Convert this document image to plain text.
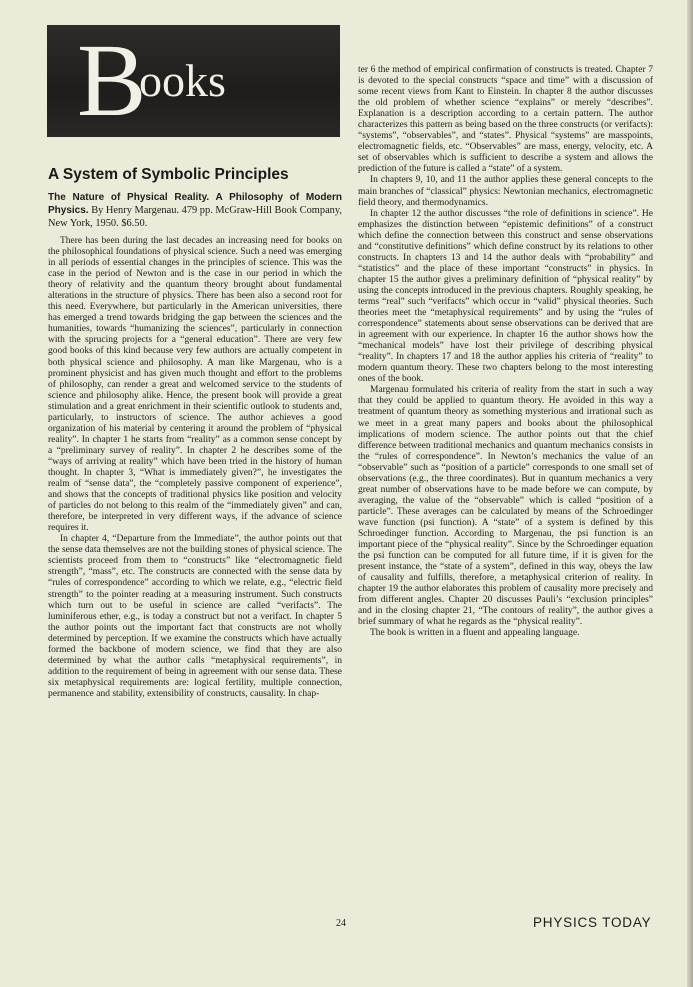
B
ooks
A System of Symbolic Principles

The Nature of Physical Reality. A Philosophy of Modern Physics. By Henry Margenau. 479 pp. McGraw-Hill Book Company, New York, 1950. $6.50.

There has been during the last decades an increasing need for books on the philosophical foundations of physical science. Such a need was emerging in all periods of essential changes in the principles of science. This was the case in the period of Newton and is the case in our period in which the theory of relativity and the quantum theory brought about fundamental alterations in the structure of physics. There has been also a second root for this need. Everywhere, but particularly in the American universities, there has emerged a trend towards bridging the gap between the sciences and the humanities, towards “humanizing the sciences”, particularly in connection with the sprucing projects for a “general education”. There are very few good books of this kind because very few authors are actually competent in both physical science and philosophy. A man like Margenau, who is a prominent physicist and has given much thought and effort to the problems of philosophy, can render a great and welcomed service to the students of science and philosophy alike. Hence, the present book will provide a great stimulation and a great enrichment in their scientific outlook to students and, particularly, to instructors of science. The author achieves a good organization of his material by centering it around the problem of “physical reality”. In chapter 1 he starts from “reality” as a common sense concept by a “preliminary survey of reality”. In chapter 2 he describes some of the “ways of arriving at reality” which have been tried in the history of human thought. In chapter 3, “What is immediately given?”, he investigates the realm of “sense data”, the “completely passive component of experience”, and shows that the concepts of traditional physics like position and velocity of particles do not belong to this realm of the “immediately given” and can, therefore, be interpreted in very different ways, if the advance of science requires it.

In chapter 4, “Departure from the Immediate”, the author points out that the sense data themselves are not the building stones of physical science. The scientists proceed from them to “constructs” like “electromagnetic field strength”, “mass”, etc. The constructs are connected with the sense data by “rules of correspondence” according to which we relate, e.g., “electric field strength” to the pointer reading at a measuring instrument. Such constructs which turn out to be useful in science are called “verifacts”. The luminiferous ether, e.g., is today a construct but not a verifact. In chapter 5 the author points out the important fact that constructs are not wholly determined by perception. If we examine the constructs which have actually formed the backbone of modern science, we find that they are also determined by what the author calls “metaphysical requirements”, in addition to the requirement of being in agreement with our sense data. These six metaphysical requirements are: logical fertility, multiple connection, permanence and stability, extensibility of constructs, causality. In chap-

ter 6 the method of empirical confirmation of constructs is treated. Chapter 7 is devoted to the special constructs “space and time” with a discussion of some recent views from Kant to Einstein. In chapter 8 the author discusses the old problem of whether science “explains” or merely “describes”. Explanation is a description according to a certain pattern. The author characterizes this pattern as being based on the three constructs (or verifacts): “systems”, “observables”, and “states”. Physical “systems” are masspoints, electromagnetic fields, etc. “Observables” are mass, energy, velocity, etc. A set of observables which is sufficient to describe a system and allows the prediction of the future is called a “state” of a system.

In chapters 9, 10, and 11 the author applies these general concepts to the main branches of “classical” physics: Newtonian mechanics, electromagnetic field theory, and thermodynamics.

In chapter 12 the author discusses “the role of definitions in science”. He emphasizes the distinction between “epistemic definitions” of a construct which define the connection between this construct and sense observations and “constitutive definitions” which define construct by its relations to other constructs. In chapters 13 and 14 the author deals with “probability” and “statistics” and the place of these important “constructs” in physics. In chapter 15 the author gives a preliminary definition of “physical reality” by using the concepts introduced in the previous chapters. Roughly speaking, he terms “real” such “verifacts” which occur in “valid” physical theories. Such theories meet the “metaphysical requirements” and by using the “rules of correspondence” statements about sense observations can be derived that are in agreement with our experience. In chapter 16 the author shows how the “mechanical models” have lost their privilege of describing physical “reality”. In chapters 17 and 18 the author applies his criteria of “reality” to modern quantum theory. These two chapters belong to the most interesting ones of the book.

Margenau formulated his criteria of reality from the start in such a way that they could be applied to quantum theory. He avoided in this way a treatment of quantum theory as something mysterious and irrational such as we meet in a great many papers and books about the philosophical implications of modern science. The author points out that the chief difference between traditional mechanics and quantum mechanics consists in the “rules of correspondence”. In Newton’s mechanics the value of an “observable” such as “position of a particle” corresponds to one small set of observations (e.g., the three coordinates). But in quantum mechanics a very great number of observations have to be made before we can compute, by averaging, the value of the “observable” which is called “position of a particle”. These averages can be calculated by means of the Schroedinger wave function (psi function). A “state” of a system is defined by this Schroedinger function. According to Margenau, the psi function is an important piece of the “physical reality”. Since by the Schroedinger equation the psi function can be computed for all future time, if it is given for the present instance, the “state of a system”, defined in this way, obeys the law of causality and fulfills, therefore, a metaphysical criterion of reality. In chapter 19 the author elaborates this problem of causality more precisely and from different angles. Chapter 20 discusses Pauli’s “exclusion principles” and in the closing chapter 21, “The contours of reality”, the author gives a brief summary of what he regards as the “physical reality”.

The book is written in a fluent and appealing language.

24	PHYSICS TODAY
